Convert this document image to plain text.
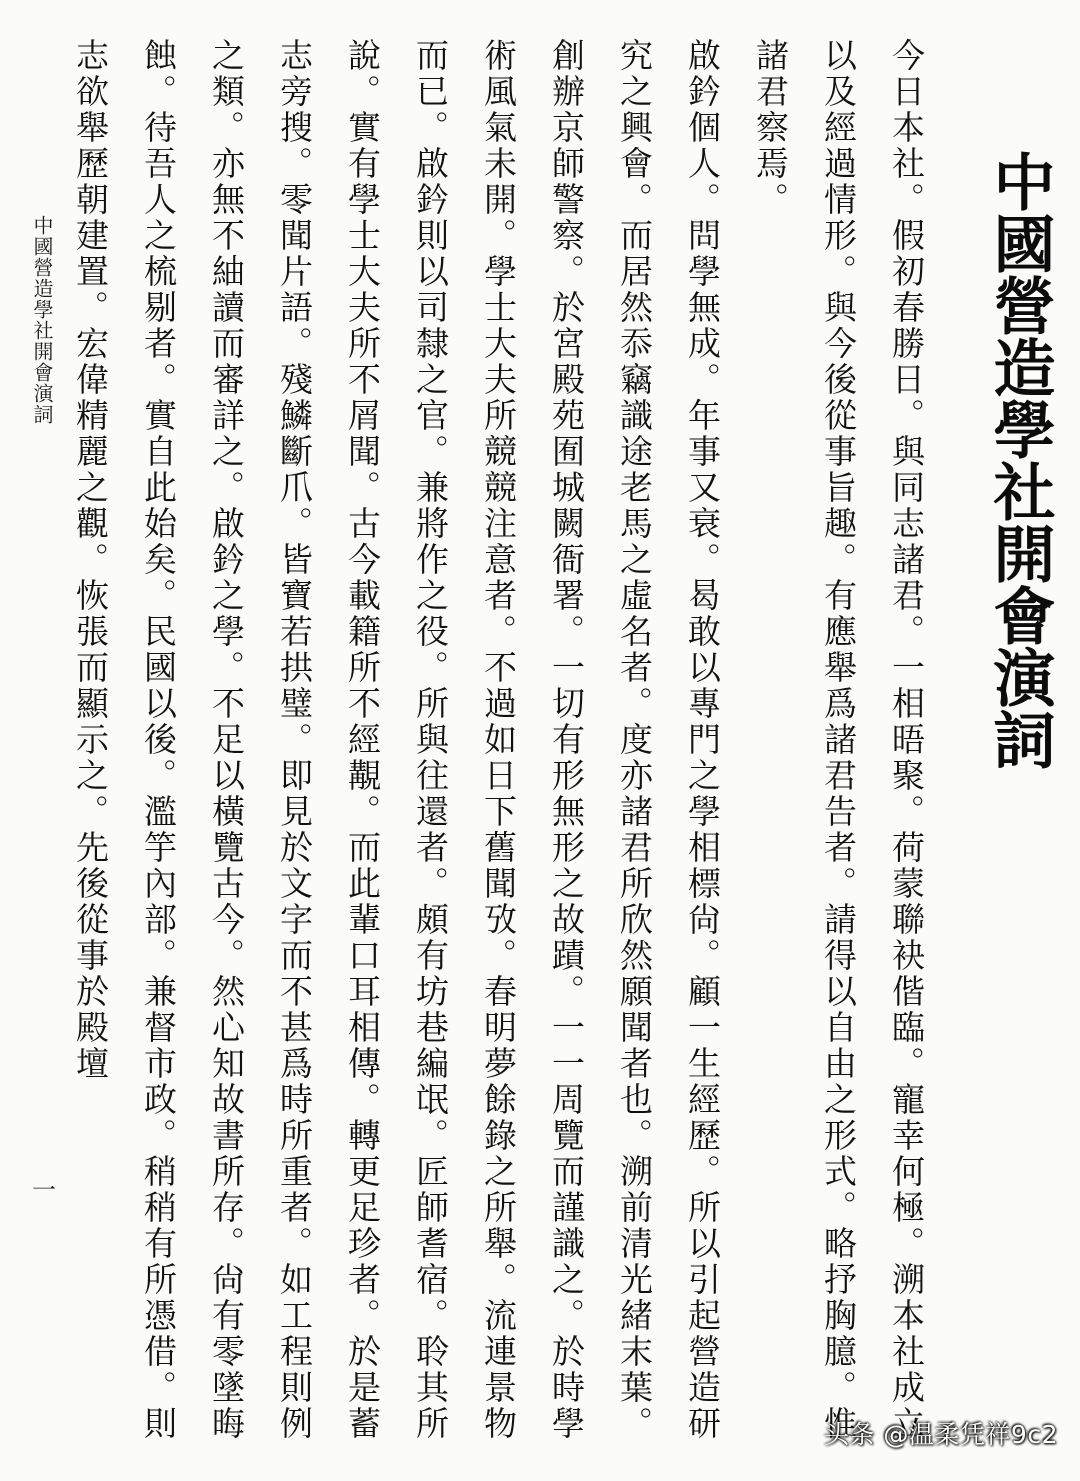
中國營造學社開會演詞

今日本社。假初春勝日。與同志諸君。一相晤聚。荷蒙聯袂偕臨。寵幸何極。溯本社成立以及經過情形。與今後從事旨趣。有應舉爲諸君告者。請得以自由之形式。略抒胸臆。惟諸君察焉。

啟鈐個人。問學無成。年事又衰。曷敢以專門之學相標尙。顧一生經歷。所以引起營造研究之興會。而居然忝竊識途老馬之虛名者。度亦諸君所欣然願聞者也。溯前清光緒末葉。創辦京師警察。於宮殿苑囿城闕衙署。一切有形無形之故蹟。一一周覽而謹識之。於時學術風氣未開。學士大夫所競競注意者。不過如日下舊聞攷。春明夢餘錄之所舉。流連景物而已。啟鈐則以司隸之官。兼將作之役。所與往還者。頗有坊巷編氓。匠師耆宿。聆其所說。實有學士大夫所不屑聞。古今載籍所不經覯。而此輩口耳相傳。轉更足珍者。於是蓄志旁搜。零聞片語。殘鱗斷爪。皆寶若拱璧。即見於文字而不甚爲時所重者。如工程則例之類。亦無不紬讀而審詳之。啟鈐之學。不足以橫覽古今。然心知故書所存。尙有零墜晦蝕。待吾人之梳剔者。實自此始矣。民國以後。濫竽內部。兼督市政。稍稍有所憑借。則志欲舉歷朝建置。宏偉精麗之觀。恢張而顯示之。先後從事於殿壇

中國營造學社開會演詞
一
头条 @温柔凭祥9c2
